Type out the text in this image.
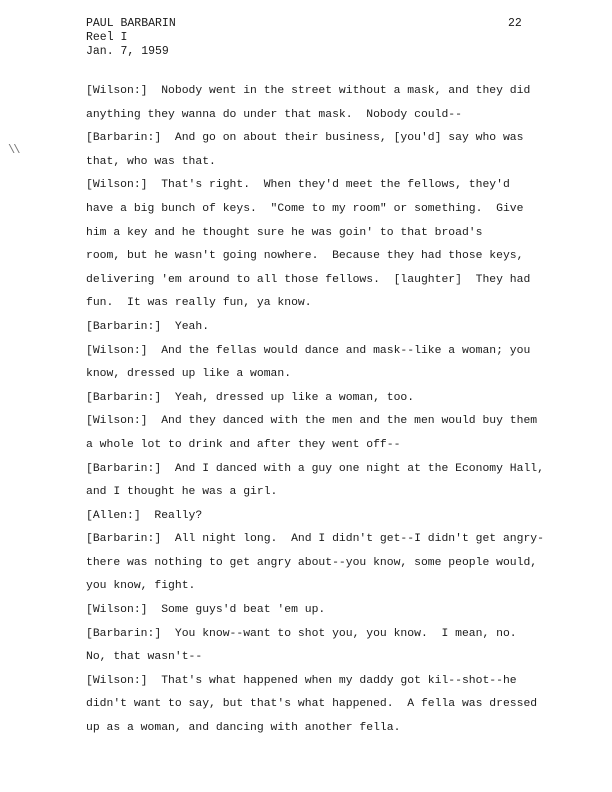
PAUL BARBARIN
Reel I
Jan. 7, 1959
22
\\
[Wilson:]  Nobody went in the street without a mask, and they did
anything they wanna do under that mask.  Nobody could--
[Barbarin:]  And go on about their business, [you'd] say who was
that, who was that.
[Wilson:]  That's right.  When they'd meet the fellows, they'd
have a big bunch of keys.  "Come to my room" or something.  Give
him a key and he thought sure he was goin' to that broad's
room, but he wasn't going nowhere.  Because they had those keys,
delivering 'em around to all those fellows.  [laughter]  They had
fun.  It was really fun, ya know.
[Barbarin:]  Yeah.
[Wilson:]  And the fellas would dance and mask--like a woman; you
know, dressed up like a woman.
[Barbarin:]  Yeah, dressed up like a woman, too.
[Wilson:]  And they danced with the men and the men would buy them
a whole lot to drink and after they went off--
[Barbarin:]  And I danced with a guy one night at the Economy Hall,
and I thought he was a girl.
[Allen:]  Really?
[Barbarin:]  All night long.  And I didn't get--I didn't get angry-
there was nothing to get angry about--you know, some people would,
you know, fight.
[Wilson:]  Some guys'd beat 'em up.
[Barbarin:]  You know--want to shot you, you know.  I mean, no.
No, that wasn't--
[Wilson:]  That's what happened when my daddy got kil--shot--he
didn't want to say, but that's what happened.  A fella was dressed
up as a woman, and dancing with another fella.
